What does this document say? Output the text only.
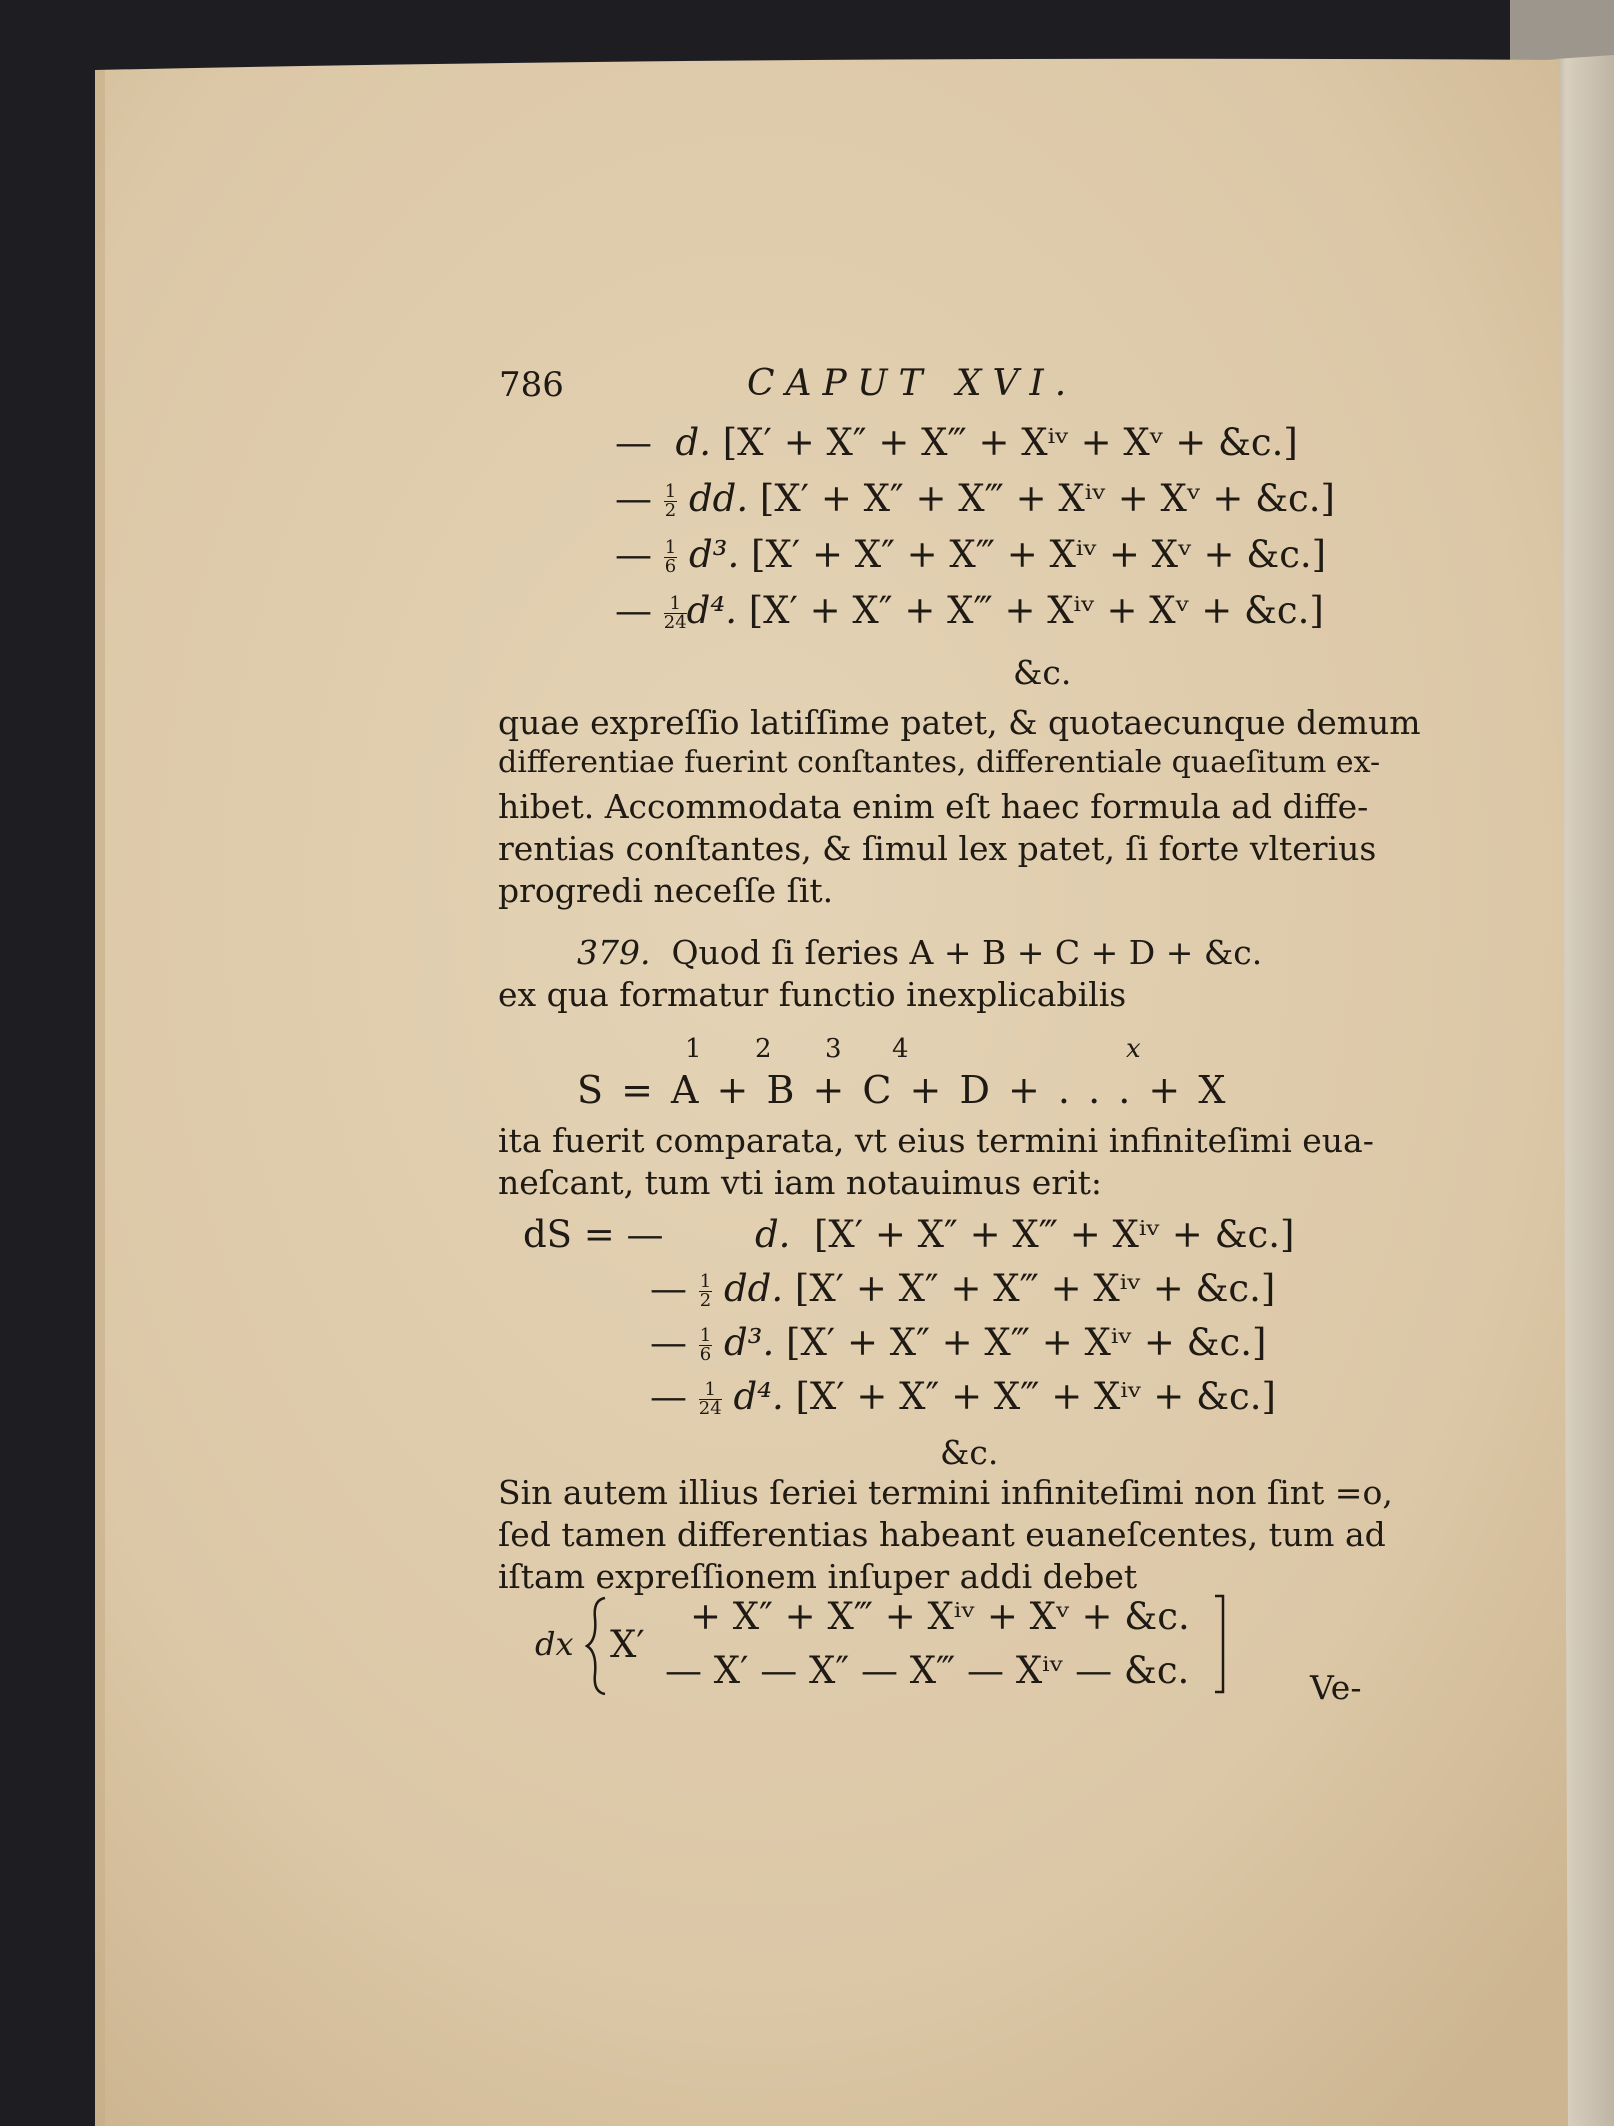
786	CAPUT XVI.
— d. [X′ + X″ + X‴ + Xⁱᵛ + Xᵛ + &c.]
— $\frac{1}{2}$ dd. [X′ + X″ + X‴ + Xⁱᵛ + Xᵛ + &c.]
— $\frac{1}{6} d^3$. [X′ + X″ + X‴ + Xⁱᵛ + Xᵛ + &c.]
— $\frac{1}{24} d^4$. [X′ + X″ + X‴ + Xⁱᵛ + Xᵛ + &c.]
&c.
quae expreſſio latiſſime patet, & quotaecunque demum
differentiae fuerint conſtantes, differentiale quaeſitum ex-
hibet. Accommodata enim eſt haec formula ad diffe-
rentias conſtantes, & ſimul lex patet, ſi forte vlterius
progredi neceſſe ſit.
379. Quod ſi ſeries A + B + C + D + &c.
ex qua formatur functio inexplicabilis
1 2 3 4	x
S = A + B + C + D + . . . + X
ita fuerit comparata, vt eius termini infiniteſimi eua-
neſcant, tum vti iam notauimus erit:
dS = — d. [X′ + X″ + X‴ + Xⁱᵛ + &c.]
— $\frac{1}{2}$ dd. [X′ + X″ + X‴ + Xⁱᵛ + &c.]
— $\frac{1}{6} d^3$. [X′ + X″ + X‴ + Xⁱᵛ + &c.]
— $\frac{1}{24} d^4$. [X′ + X″ + X‴ + Xⁱᵛ + &c.]
&c.
Sin autem illius ſeriei termini infiniteſimi non ſint =o,
ſed tamen differentias habeant euaneſcentes, tum ad
iſtam expreſſionem inſuper addi debet
dx X′
+ X″ + X‴ + Xⁱᵛ + Xᵛ + &c.
— X′ — X″ — X‴ — Xⁱᵛ — &c.	Ve-
